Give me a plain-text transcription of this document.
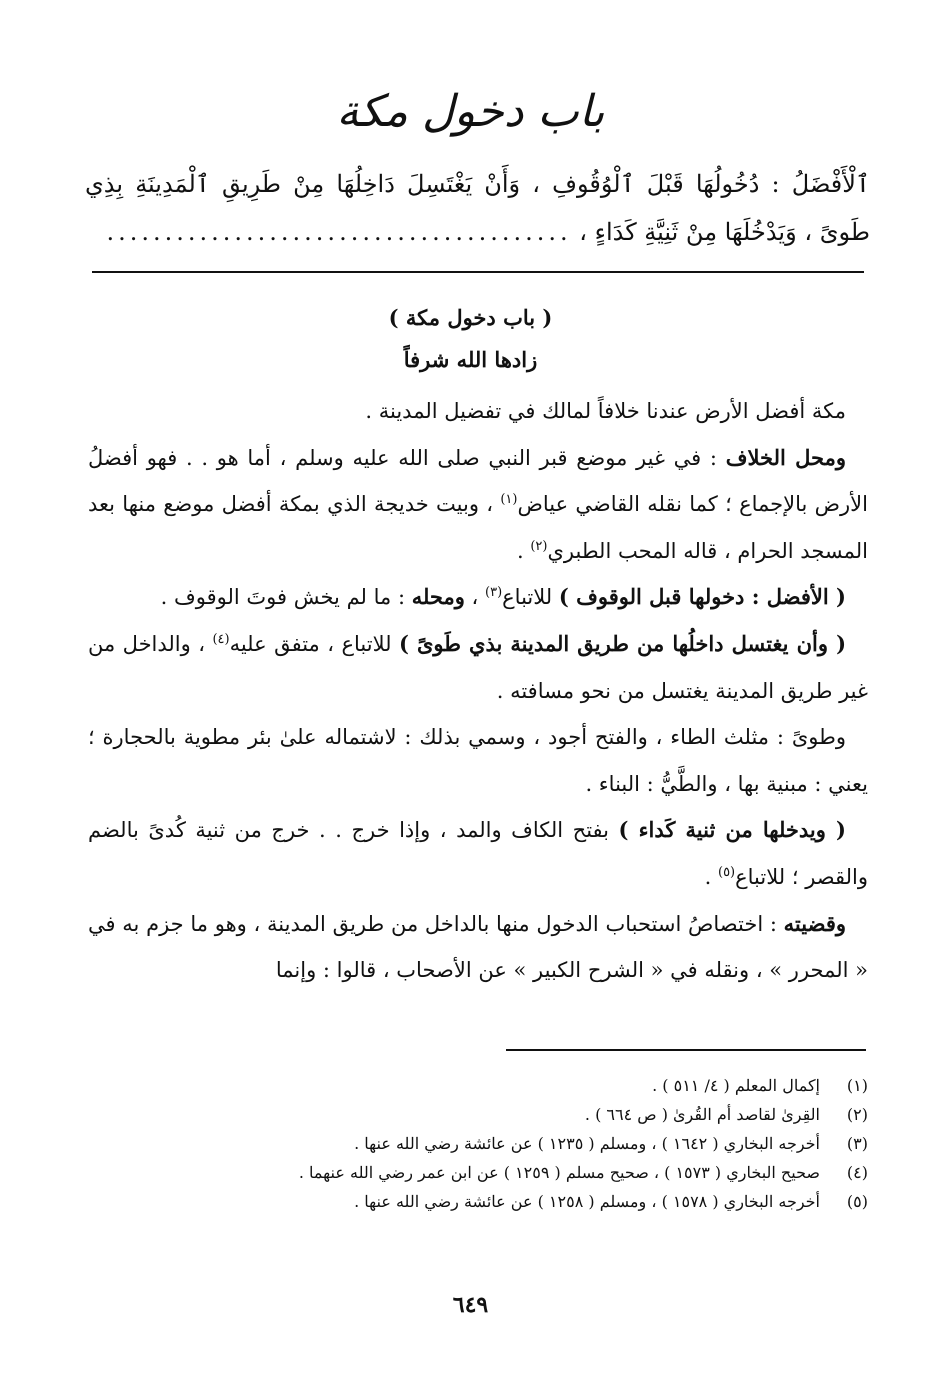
باب دخول مكة
ٱلْأَفْضَلُ : دُخُولُهَا قَبْلَ ٱلْوُقُوفِ ، وَأَنْ يَغْتَسِلَ دَاخِلُهَا مِنْ طَرِيقِ ٱلْمَدِينَةِ بِذِي طَوىً ، وَيَدْخُلَهَا مِنْ ثَنِيَّةِ كَدَاءٍ ، ........................................
( باب دخول مكة )
زادها الله شرفاً

مكة أفضل الأرض عندنا خلافاً لمالك في تفضيل المدينة .

ومحل الخلاف : في غير موضع قبر النبي صلى الله عليه وسلم ، أما هو . . فهو أفضلُ الأرض بالإجماع ؛ كما نقله القاضي عياض$^{(١)}$ ، وبيت خديجة الذي بمكة أفضل موضع منها بعد المسجد الحرام ، قاله المحب الطبري$^{(٢)}$ .

( الأفضل : دخولها قبل الوقوف ) للاتباع$^{(٣)}$ ، ومحله : ما لم يخش فوتَ الوقوف .

( وأن يغتسل داخلُها من طريق المدينة بذي طَوىً ) للاتباع ، متفق عليه$^{(٤)}$ ، والداخل من غير طريق المدينة يغتسل من نحو مسافته .

وطوىً : مثلث الطاء ، والفتح أجود ، وسمي بذلك : لاشتماله علىٰ بئر مطوية بالحجارة ؛ يعني : مبنية بها ، والطَّيُّ : البناء .

( ويدخلها من ثنية كَداء ) بفتح الكاف والمد ، وإذا خرج . . خرج من ثنية كُدىً بالضم والقصر ؛ للاتباع$^{(٥)}$ .

وقضيته : اختصاصُ استحباب الدخول منها بالداخل من طريق المدينة ، وهو ما جزم به في « المحرر » ، ونقله في « الشرح الكبير » عن الأصحاب ، قالوا : وإنما

(١)إكمال المعلم ( ٤/ ٥١١ ) .
(٢)القِرىٰ لقاصد أم القُرىٰ ( ص ٦٦٤ ) .
(٣)أخرجه البخاري ( ١٦٤٢ ) ، ومسلم ( ١٢٣٥ ) عن عائشة رضي الله عنها .
(٤)صحيح البخاري ( ١٥٧٣ ) ، صحيح مسلم ( ١٢٥٩ ) عن ابن عمر رضي الله عنهما .
(٥)أخرجه البخاري ( ١٥٧٨ ) ، ومسلم ( ١٢٥٨ ) عن عائشة رضي الله عنها .
٦٤٩
